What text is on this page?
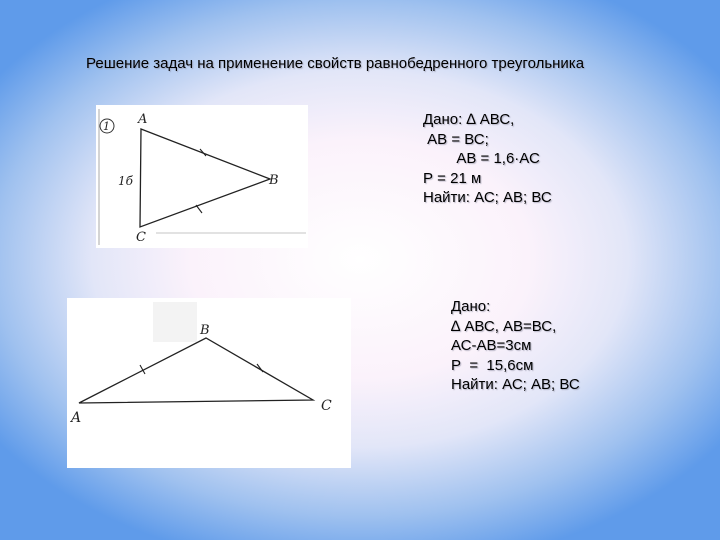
Решение задач на применение свойств равнобедренного треугольника
1 A
B
C
1б
Дано: ∆ АВС,
АВ = ВС;
АВ = 1,6·АС
Р = 21 м
Найти: АС; АВ; ВС
B
A
C
Дано:
∆ АВС, АВ=ВС,
АС-АВ=3см
Р  =  15,6см
Найти: АС; АВ; ВС
